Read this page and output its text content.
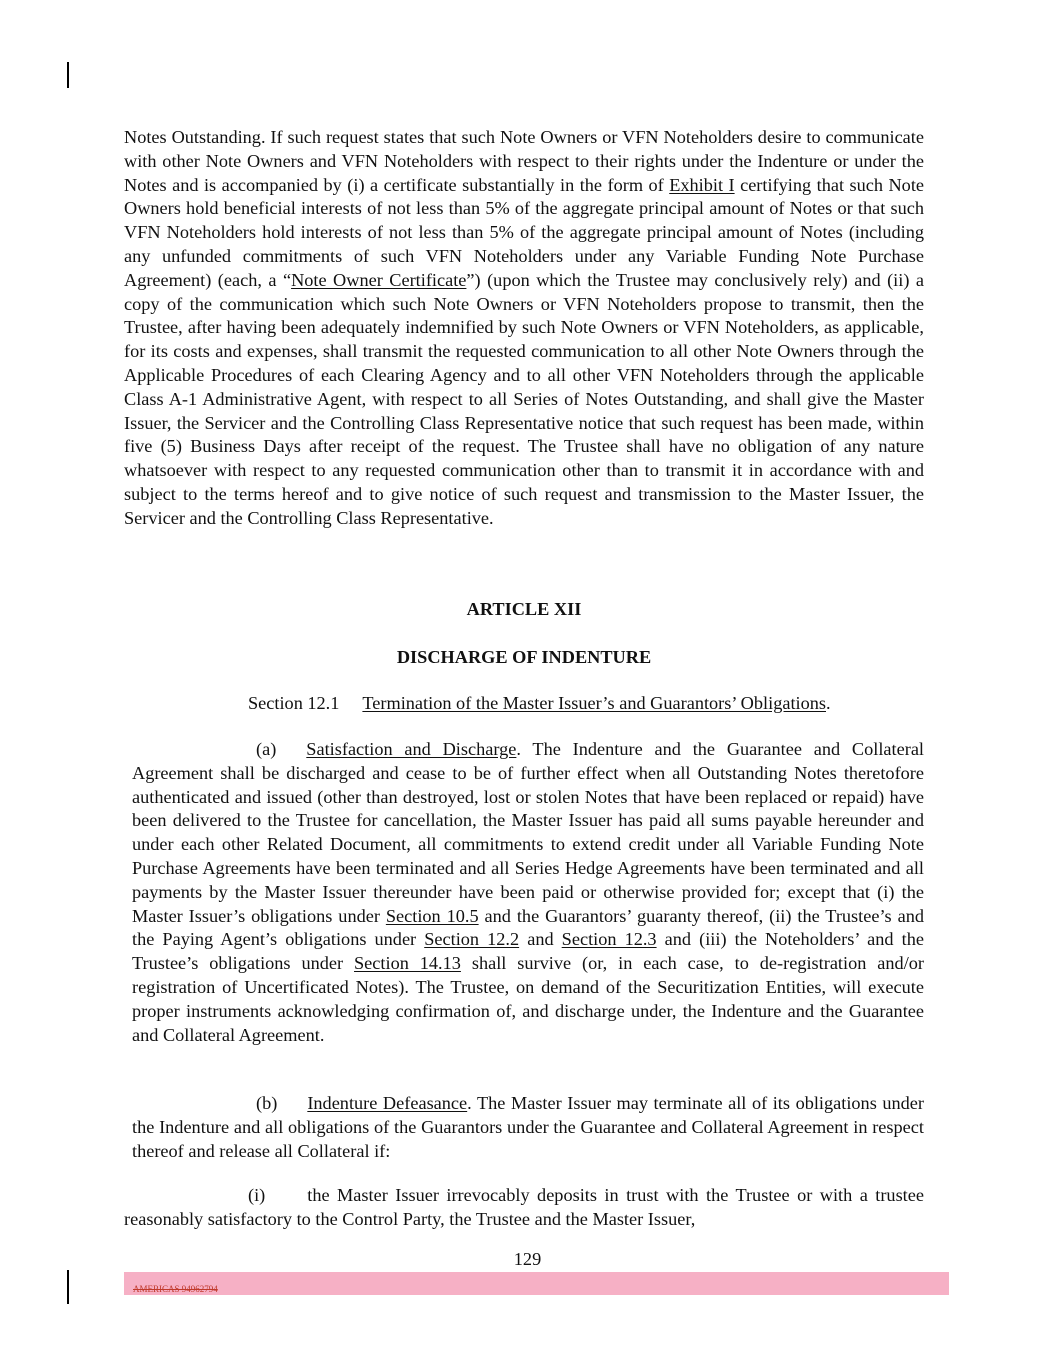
Notes Outstanding. If such request states that such Note Owners or VFN Noteholders desire to communicate with other Note Owners and VFN Noteholders with respect to their rights under the Indenture or under the Notes and is accompanied by (i) a certificate substantially in the form of Exhibit I certifying that such Note Owners hold beneficial interests of not less than 5% of the aggregate principal amount of Notes or that such VFN Noteholders hold interests of not less than 5% of the aggregate principal amount of Notes (including any unfunded commitments of such VFN Noteholders under any Variable Funding Note Purchase Agreement) (each, a “Note Owner Certificate”) (upon which the Trustee may conclusively rely) and (ii) a copy of the communication which such Note Owners or VFN Noteholders propose to transmit, then the Trustee, after having been adequately indemnified by such Note Owners or VFN Noteholders, as applicable, for its costs and expenses, shall transmit the requested communication to all other Note Owners through the Applicable Procedures of each Clearing Agency and to all other VFN Noteholders through the applicable Class A-1 Administrative Agent, with respect to all Series of Notes Outstanding, and shall give the Master Issuer, the Servicer and the Controlling Class Representative notice that such request has been made, within five (5) Business Days after receipt of the request. The Trustee shall have no obligation of any nature whatsoever with respect to any requested communication other than to transmit it in accordance with and subject to the terms hereof and to give notice of such request and transmission to the Master Issuer, the Servicer and the Controlling Class Representative.

ARTICLE XII
DISCHARGE OF INDENTURE

Section 12.1 Termination of the Master Issuer’s and Guarantors’ Obligations.

(a) Satisfaction and Discharge. The Indenture and the Guarantee and Collateral Agreement shall be discharged and cease to be of further effect when all Outstanding Notes theretofore authenticated and issued (other than destroyed, lost or stolen Notes that have been replaced or repaid) have been delivered to the Trustee for cancellation, the Master Issuer has paid all sums payable hereunder and under each other Related Document, all commitments to extend credit under all Variable Funding Note Purchase Agreements have been terminated and all Series Hedge Agreements have been terminated and all payments by the Master Issuer thereunder have been paid or otherwise provided for; except that (i) the Master Issuer’s obligations under Section 10.5 and the Guarantors’ guaranty thereof, (ii) the Trustee’s and the Paying Agent’s obligations under Section 12.2 and Section 12.3 and (iii) the Noteholders’ and the Trustee’s obligations under Section 14.13 shall survive (or, in each case, to de-registration and/or registration of Uncertificated Notes). The Trustee, on demand of the Securitization Entities, will execute proper instruments acknowledging confirmation of, and discharge under, the Indenture and the Guarantee and Collateral Agreement.

(b) Indenture Defeasance. The Master Issuer may terminate all of its obligations under the Indenture and all obligations of the Guarantors under the Guarantee and Collateral Agreement in respect thereof and release all Collateral if:

(i) the Master Issuer irrevocably deposits in trust with the Trustee or with a trustee reasonably satisfactory to the Control Party, the Trustee and the Master Issuer,

129
AMERICAS 94962794
